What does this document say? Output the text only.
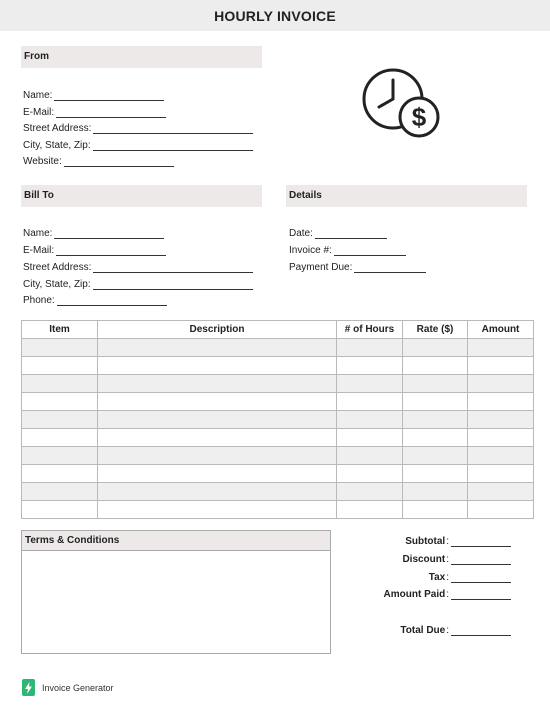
HOURLY INVOICE
From
Name:
E-Mail:
Street Address:
City, State, Zip:
Website:
$
Bill To
Name:
E-Mail:
Street Address:
City, State, Zip:
Phone:
Details
Date:
Invoice #:
Payment Due:
Item	Description	# of Hours	Rate ($)	Amount

Terms & Conditions	Subtotal :
Discount :
Tax :
Amount Paid :
Total Due :
Invoice Generator
